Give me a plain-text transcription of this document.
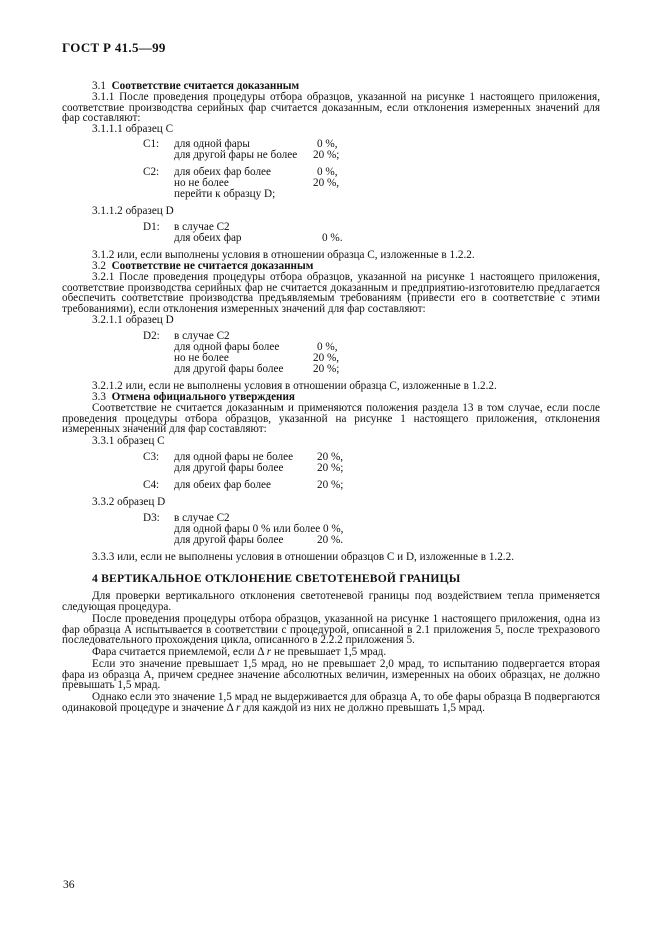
ГОСТ Р 41.5—99
3.1 Соответствие считается доказанным
3.1.1 После проведения процедуры отбора образцов, указанной на рисунке 1 настоящего приложения, соответствие производства серийных фар считается доказанным, если отклонения измеренных значений для фар составляют:
3.1.1.1 образец С
С1: для одной фары	0 %,
для другой фары не более 20 %;
С2: для обеих фар более	0 %,
но не более	20 %,
перейти к образцу D;
3.1.1.2 образец D
D1: в случае С2
для обеих фар	0 %.
3.1.2 или, если выполнены условия в отношении образца С, изложенные в 1.2.2.
3.2 Соответствие не считается доказанным
3.2.1 После проведения процедуры отбора образцов, указанной на рисунке 1 настоящего приложения, соответствие производства серийных фар не считается доказанным и предприятию-изготовителю предлагается обеспечить соответствие производства предъявляемым требованиям (привести его в соответствие с этими требованиями), если отклонения измеренных значений для фар составляют:
3.2.1.1 образец D
D2: в случае С2
для одной фары более	0 %,
но не более	20 %,
для другой фары более	20 %;
3.2.1.2 или, если не выполнены условия в отношении образца С, изложенные в 1.2.2.
3.3 Отмена официального утверждения
Соответствие не считается доказанным и применяются положения раздела 13 в том случае, если после проведения процедуры отбора образцов, указанной на рисунке 1 настоящего приложения, отклонения измеренных значений для фар составляют:
3.3.1 образец С
С3: для одной фары не более 20 %,
для другой фары более	20 %;
С4: для обеих фар более	20 %;
3.3.2 образец D
D3: в случае С2
для одной фары 0 % или более 0 %,
для другой фары более	20 %.
3.3.3 или, если не выполнены условия в отношении образцов С и D, изложенные в 1.2.2.
4 ВЕРТИКАЛЬНОЕ ОТКЛОНЕНИЕ СВЕТОТЕНЕВОЙ ГРАНИЦЫ
Для проверки вертикального отклонения светотеневой границы под воздействием тепла применяется следующая процедура.
После проведения процедуры отбора образцов, указанной на рисунке 1 настоящего приложения, одна из фар образца А испытывается в соответствии с процедурой, описанной в 2.1 приложения 5, после трехразового последовательного прохождения цикла, описанного в 2.2.2 приложения 5.
Фара считается приемлемой, если Δ r не превышает 1,5 мрад.
Если это значение превышает 1,5 мрад, но не превышает 2,0 мрад, то испытанию подвергается вторая фара из образца А, причем среднее значение абсолютных величин, измеренных на обоих образцах, не должно превышать 1,5 мрад.
Однако если это значение 1,5 мрад не выдерживается для образца А, то обе фары образца В подвергаются одинаковой процедуре и значение Δ r для каждой из них не должно превышать 1,5 мрад.
36
